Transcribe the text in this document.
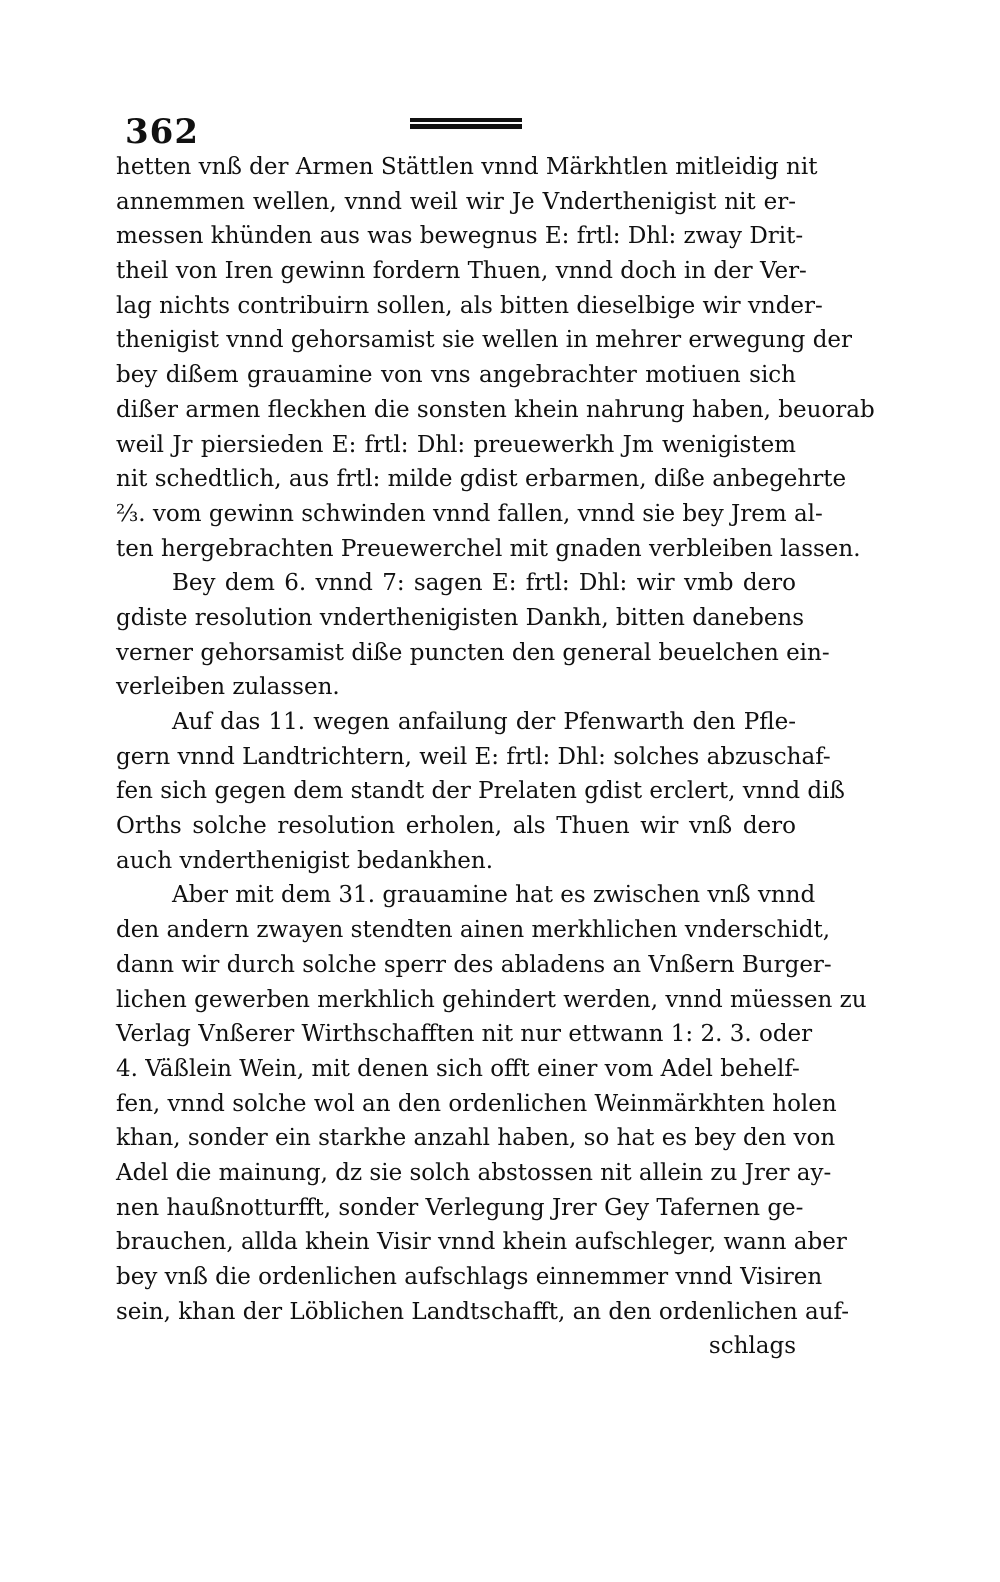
362
hetten vnß der Armen Stättlen vnnd Märkhtlen mitleidig nit
annemmen wellen, vnnd weil wir Je Vnderthenigist nit er-
messen khünden aus was bewegnus E: frtl: Dhl: zway Drit-
theil von Iren gewinn fordern Thuen, vnnd doch in der Ver-
lag nichts contribuirn sollen, als bitten dieselbige wir vnder-
thenigist vnnd gehorsamist sie wellen in mehrer erwegung der
bey dißem grauamine von vns angebrachter motiuen sich
dißer armen fleckhen die sonsten khein nahrung haben, beuorab
weil Jr piersieden E: frtl: Dhl: preuewerkh Jm wenigistem
nit schedtlich, aus frtl: milde gdist erbarmen, diße anbegehrte
⅔. vom gewinn schwinden vnnd fallen, vnnd sie bey Jrem al-
ten hergebrachten Preuewerchel mit gnaden verbleiben lassen.
Bey dem 6. vnnd 7: sagen E: frtl: Dhl: wir vmb dero
gdiste resolution vnderthenigisten Dankh, bitten danebens
verner gehorsamist diße puncten den general beuelchen ein-
verleiben zulassen.
Auf das 11. wegen anfailung der Pfenwarth den Pfle-
gern vnnd Landtrichtern, weil E: frtl: Dhl: solches abzuschaf-
fen sich gegen dem standt der Prelaten gdist erclert, vnnd diß
Orths solche resolution erholen, als Thuen wir vnß dero
auch vnderthenigist bedankhen.
Aber mit dem 31. grauamine hat es zwischen vnß vnnd
den andern zwayen stendten ainen merkhlichen vnderschidt,
dann wir durch solche sperr des abladens an Vnßern Burger-
lichen gewerben merkhlich gehindert werden, vnnd müessen zu
Verlag Vnßerer Wirthschafften nit nur ettwann 1: 2. 3. oder
4. Väßlein Wein, mit denen sich offt einer vom Adel behelf-
fen, vnnd solche wol an den ordenlichen Weinmärkhten holen
khan, sonder ein starkhe anzahl haben, so hat es bey den von
Adel die mainung, dz sie solch abstossen nit allein zu Jrer ay-
nen haußnotturfft, sonder Verlegung Jrer Gey Tafernen ge-
brauchen, allda khein Visir vnnd khein aufschleger, wann aber
bey vnß die ordenlichen aufschlags einnemmer vnnd Visiren
sein, khan der Löblichen Landtschafft, an den ordenlichen auf-
schlags
